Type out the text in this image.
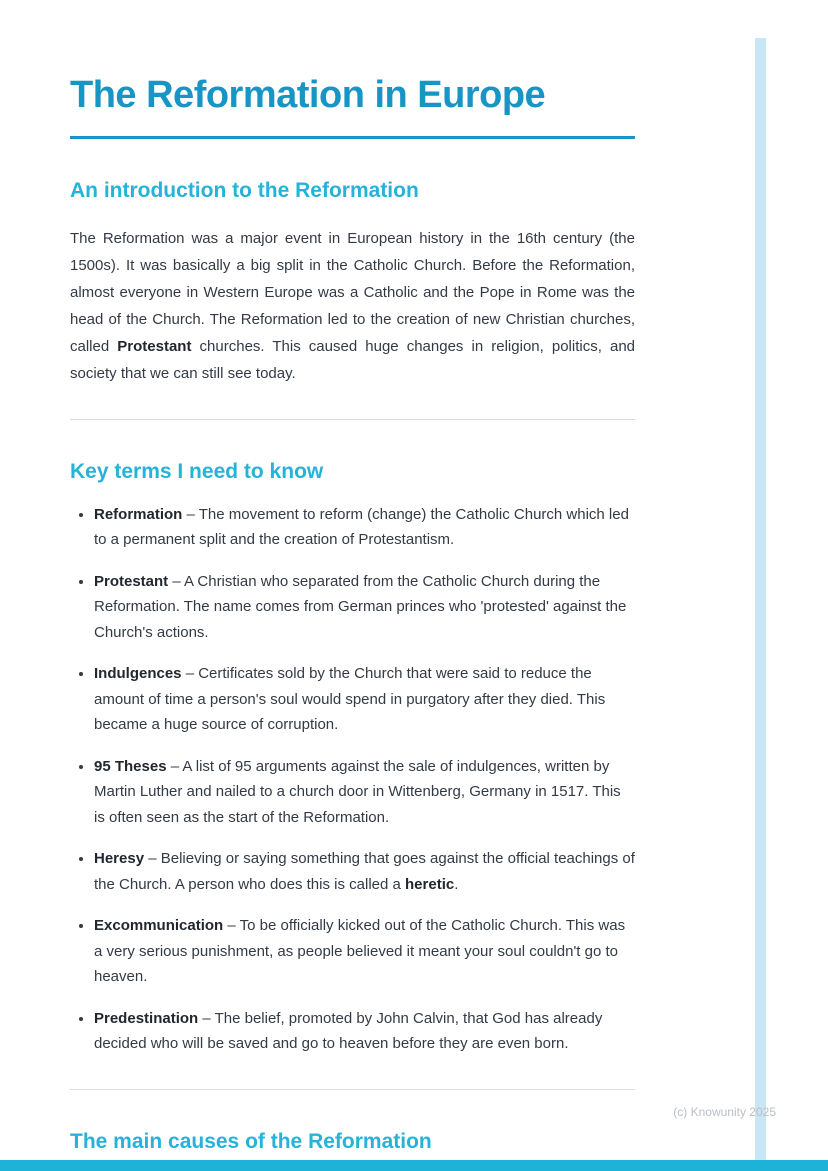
The Reformation in Europe
An introduction to the Reformation

The Reformation was a major event in European history in the 16th century (the 1500s). It was basically a big split in the Catholic Church. Before the Reformation, almost everyone in Western Europe was a Catholic and the Pope in Rome was the head of the Church. The Reformation led to the creation of new Christian churches, called Protestant churches. This caused huge changes in religion, politics, and society that we can still see today.

Key terms I need to know
• Reformation – The movement to reform (change) the Catholic Church which led to a permanent split and the creation of Protestantism.
• Protestant – A Christian who separated from the Catholic Church during the Reformation. The name comes from German princes who 'protested' against the Church's actions.
• Indulgences – Certificates sold by the Church that were said to reduce the amount of time a person's soul would spend in purgatory after they died. This became a huge source of corruption.
• 95 Theses – A list of 95 arguments against the sale of indulgences, written by Martin Luther and nailed to a church door in Wittenberg, Germany in 1517. This is often seen as the start of the Reformation.
• Heresy – Believing or saying something that goes against the official teachings of the Church. A person who does this is called a heretic.
• Excommunication – To be officially kicked out of the Catholic Church. This was a very serious punishment, as people believed it meant your soul couldn't go to heaven.
• Predestination – The belief, promoted by John Calvin, that God has already decided who will be saved and go to heaven before they are even born.
The main causes of the Reformation
(c) Knowunity 2025
